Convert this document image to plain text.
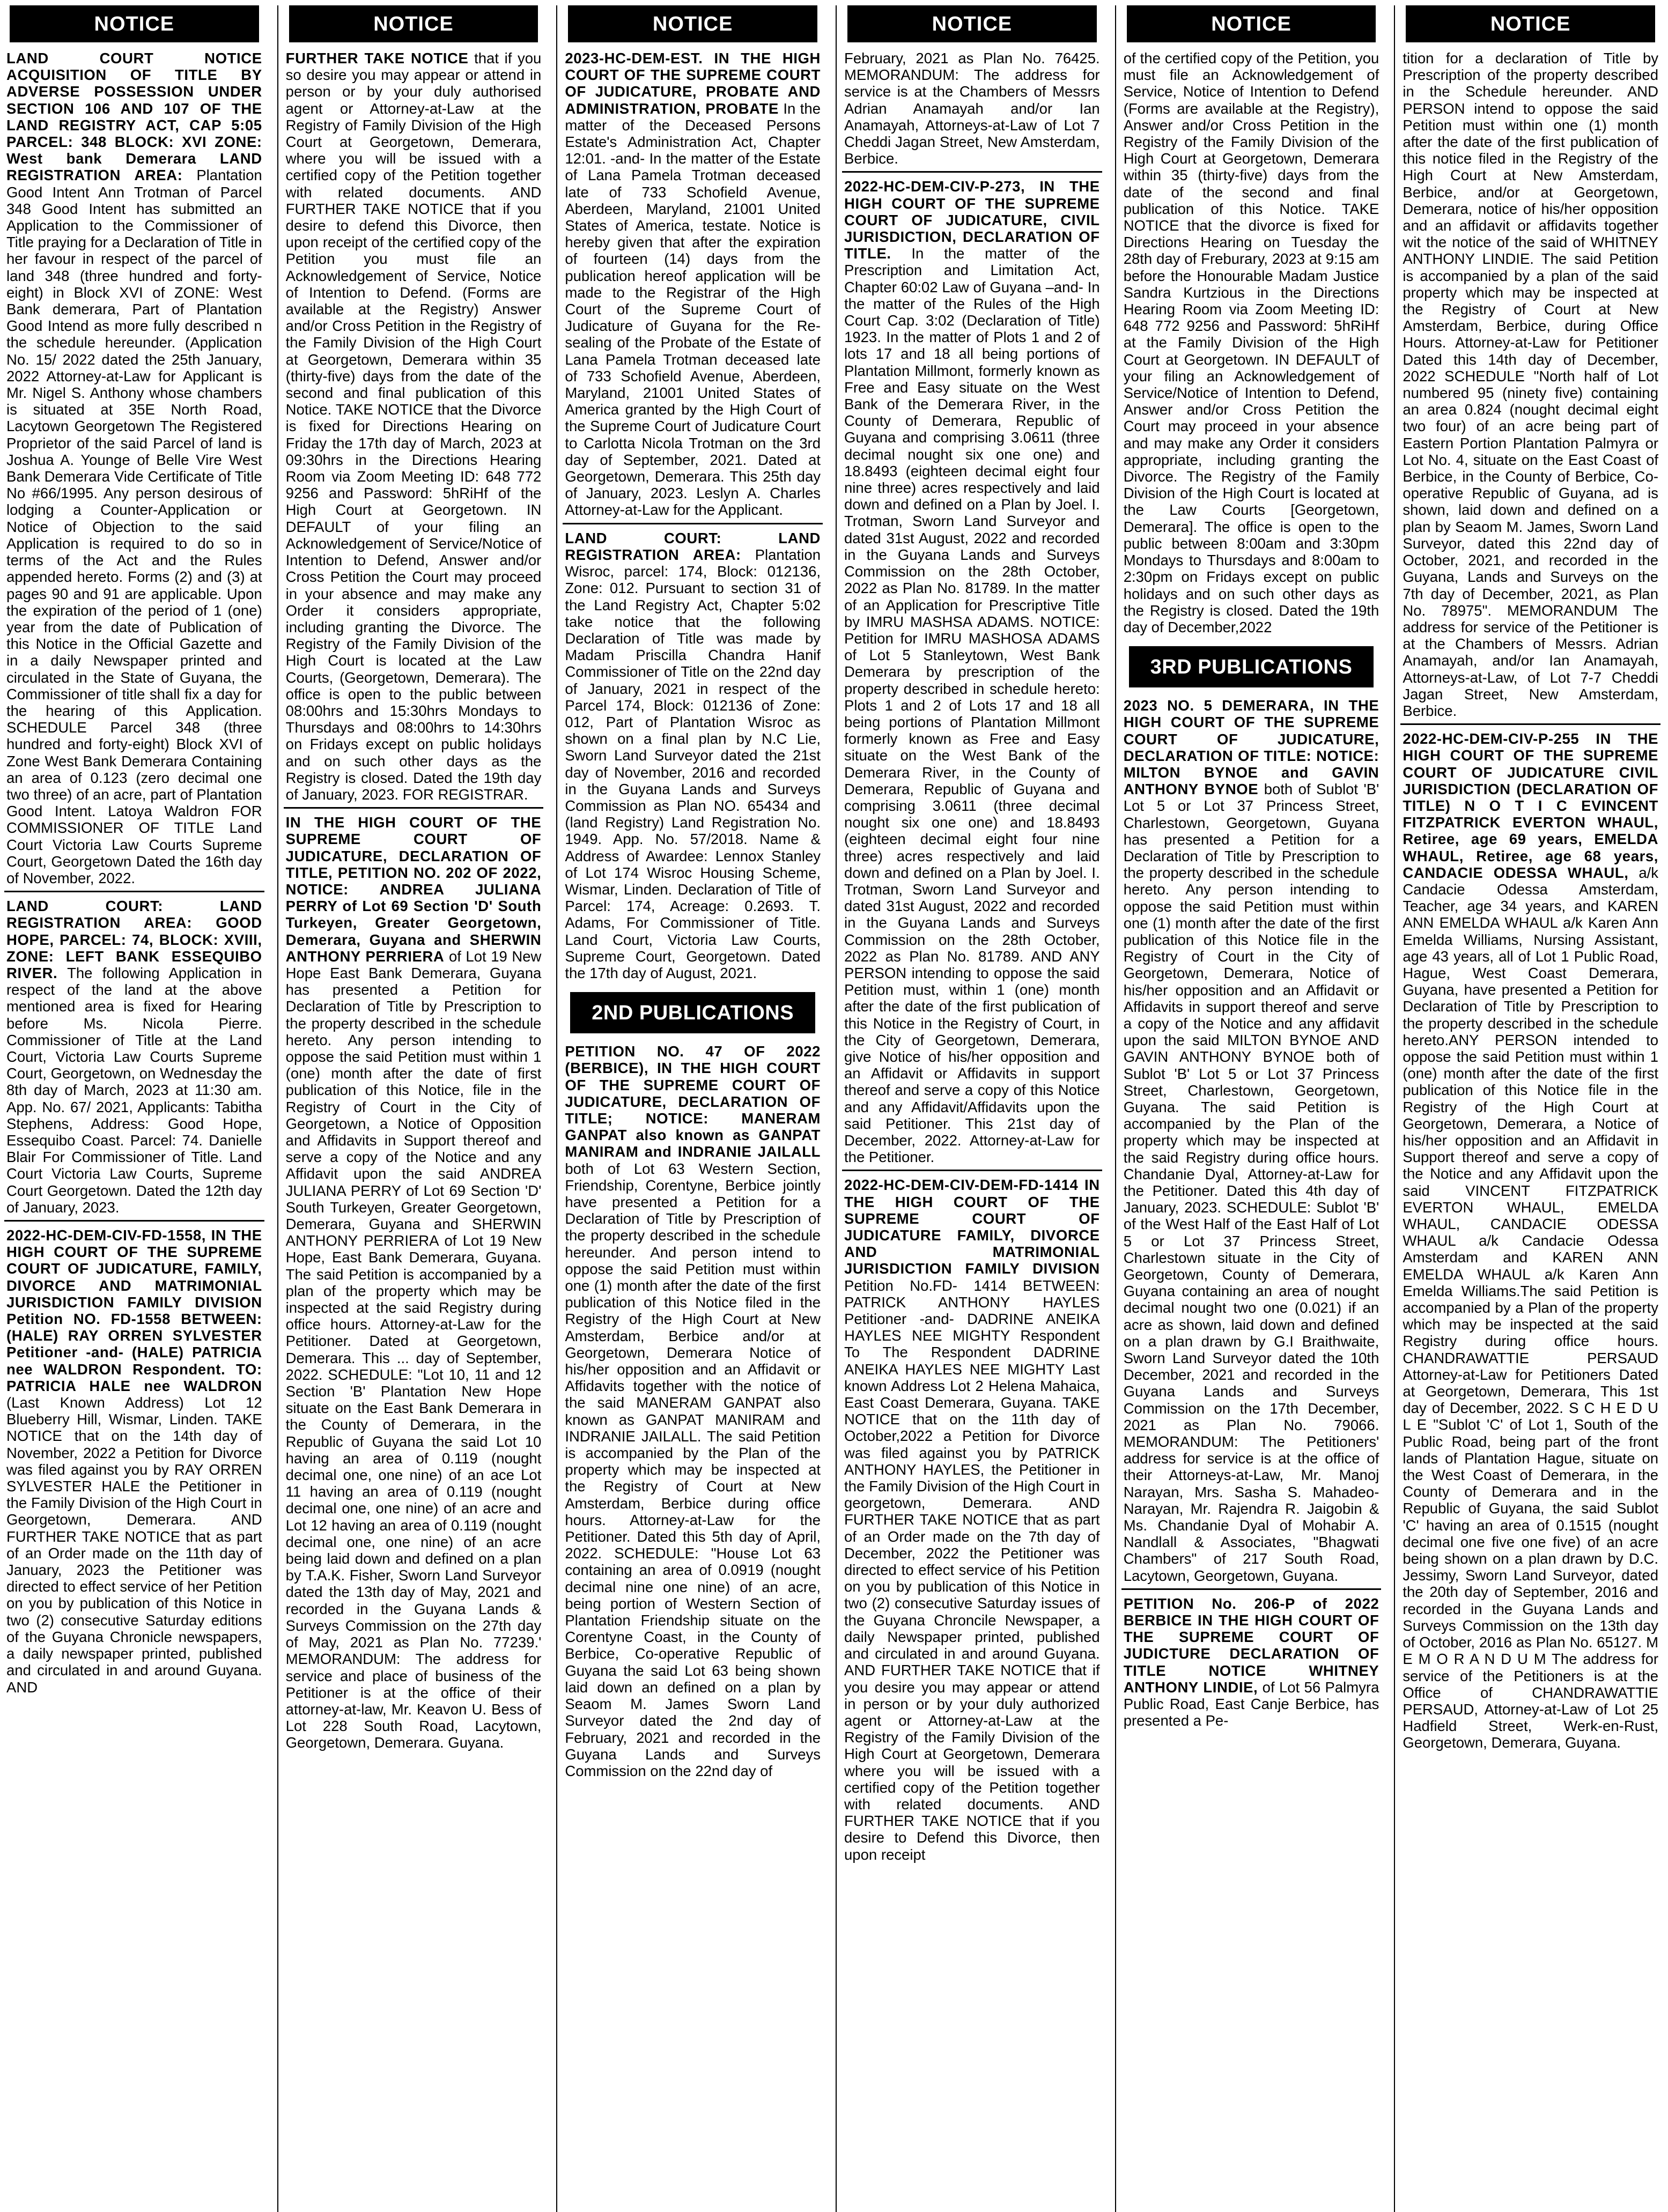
NOTICE
LAND COURT NOTICE ACQUISITION OF TITLE BY ADVERSE POSSESSION UNDER SECTION 106 AND 107 OF THE LAND REGISTRY ACT, CAP 5:05 PARCEL: 348 BLOCK: XVI ZONE: West bank Demerara LAND REGISTRATION AREA: Plantation Good Intent Ann Trotman of Parcel 348 Good Intent has submitted an Application to the Commissioner of Title praying for a Declaration of Title in her favour in respect of the parcel of land 348 (three hundred and forty-eight) in Block XVI of ZONE: West Bank demerara, Part of Plantation Good Intend as more fully described n the schedule hereunder. (Application No. 15/ 2022 dated the 25th January, 2022 Attorney-at-Law for Applicant is Mr. Nigel S. Anthony whose chambers is situated at 35E North Road, Lacytown Georgetown The Registered Proprietor of the said Parcel of land is Joshua A. Younge of Belle Vire West Bank Demerara Vide Certificate of Title No #66/1995. Any person desirous of lodging a Counter-Application or Notice of Objection to the said Application is required to do so in terms of the Act and the Rules appended hereto. Forms (2) and (3) at pages 90 and 91 are applicable. Upon the expiration of the period of 1 (one) year from the date of Publication of this Notice in the Official Gazette and in a daily Newspaper printed and circulated in the State of Guyana, the Commissioner of title shall fix a day for the hearing of this Application. SCHEDULE Parcel 348 (three hundred and forty-eight) Block XVI of Zone West Bank Demerara Containing an area of 0.123 (zero decimal one two three) of an acre, part of Plantation Good Intent. Latoya Waldron FOR COMMISSIONER OF TITLE Land Court Victoria Law Courts Supreme Court, Georgetown Dated the 16th day of November, 2022.
LAND COURT: LAND REGISTRATION AREA: GOOD HOPE, PARCEL: 74, BLOCK: XVIII, ZONE: LEFT BANK ESSEQUIBO RIVER. The following Application in respect of the land at the above mentioned area is fixed for Hearing before Ms. Nicola Pierre. Commissioner of Title at the Land Court, Victoria Law Courts Supreme Court, Georgetown, on Wednesday the 8th day of March, 2023 at 11:30 am. App. No. 67/ 2021, Applicants: Tabitha Stephens, Address: Good Hope, Essequibo Coast. Parcel: 74. Danielle Blair For Commissioner of Title. Land Court Victoria Law Courts, Supreme Court Georgetown. Dated the 12th day of January, 2023.
2022-HC-DEM-CIV-FD-1558, IN THE HIGH COURT OF THE SUPREME COURT OF JUDICATURE, FAMILY, DIVORCE AND MATRIMONIAL JURISDICTION FAMILY DIVISION Petition NO. FD-1558 BETWEEN: (HALE) RAY ORREN SYLVESTER Petitioner -and- (HALE) PATRICIA nee WALDRON Respondent. TO: PATRICIA HALE nee WALDRON (Last Known Address) Lot 12 Blueberry Hill, Wismar, Linden. TAKE NOTICE that on the 14th day of November, 2022 a Petition for Divorce was filed against you by RAY ORREN SYLVESTER HALE the Petitioner in the Family Division of the High Court in Georgetown, Demerara. AND FURTHER TAKE NOTICE that as part of an Order made on the 11th day of January, 2023 the Petitioner was directed to effect service of her Petition on you by publication of this Notice in two (2) consecutive Saturday editions of the Guyana Chronicle newspapers, a daily newspaper printed, published and circulated in and around Guyana. AND
NOTICE
FURTHER TAKE NOTICE that if you so desire you may appear or attend in person or by your duly authorised agent or Attorney-at-Law at the Registry of Family Division of the High Court at Georgetown, Demerara, where you will be issued with a certified copy of the Petition together with related documents. AND FURTHER TAKE NOTICE that if you desire to defend this Divorce, then upon receipt of the certified copy of the Petition you must file an Acknowledgement of Service, Notice of Intention to Defend. (Forms are available at the Registry) Answer and/or Cross Petition in the Registry of the Family Division of the High Court at Georgetown, Demerara within 35 (thirty-five) days from the date of the second and final publication of this Notice. TAKE NOTICE that the Divorce is fixed for Directions Hearing on Friday the 17th day of March, 2023 at 09:30hrs in the Directions Hearing Room via Zoom Meeting ID: 648 772 9256 and Password: 5hRiHf of the High Court at Georgetown. IN DEFAULT of your filing an Acknowledgement of Service/Notice of Intention to Defend, Answer and/or Cross Petition the Court may proceed in your absence and may make any Order it considers appropriate, including granting the Divorce. The Registry of the Family Division of the High Court is located at the Law Courts, (Georgetown, Demerara). The office is open to the public between 08:00hrs and 15:30hrs Mondays to Thursdays and 08:00hrs to 14:30hrs on Fridays except on public holidays and on such other days as the Registry is closed. Dated the 19th day of January, 2023. FOR REGISTRAR.
IN THE HIGH COURT OF THE SUPREME COURT OF JUDICATURE, DECLARATION OF TITLE, PETITION NO. 202 OF 2022, NOTICE: ANDREA JULIANA PERRY of Lot 69 Section 'D' South Turkeyen, Greater Georgetown, Demerara, Guyana and SHERWIN ANTHONY PERRIERA of Lot 19 New Hope East Bank Demerara, Guyana has presented a Petition for Declaration of Title by Prescription to the property described in the schedule hereto. Any person intending to oppose the said Petition must within 1 (one) month after the date of first publication of this Notice, file in the Registry of Court in the City of Georgetown, a Notice of Opposition and Affidavits in Support thereof and serve a copy of the Notice and any Affidavit upon the said ANDREA JULIANA PERRY of Lot 69 Section 'D' South Turkeyen, Greater Georgetown, Demerara, Guyana and SHERWIN ANTHONY PERRIERA of Lot 19 New Hope, East Bank Demerara, Guyana. The said Petition is accompanied by a plan of the property which may be inspected at the said Registry during office hours. Attorney-at-Law for the Petitioner. Dated at Georgetown, Demerara. This ... day of September, 2022. SCHEDULE: "Lot 10, 11 and 12 Section 'B' Plantation New Hope situate on the East Bank Demerara in the County of Demerara, in the Republic of Guyana the said Lot 10 having an area of 0.119 (nought decimal one, one nine) of an ace Lot 11 having an area of 0.119 (nought decimal one, one nine) of an acre and Lot 12 having an area of 0.119 (nought decimal one, one nine) of an acre being laid down and defined on a plan by T.A.K. Fisher, Sworn Land Surveyor dated the 13th day of May, 2021 and recorded in the Guyana Lands & Surveys Commission on the 27th day of May, 2021 as Plan No. 77239.' MEMORANDUM: The address for service and place of business of the Petitioner is at the office of their attorney-at-law, Mr. Keavon U. Bess of Lot 228 South Road, Lacytown, Georgetown, Demerara. Guyana.
NOTICE
2023-HC-DEM-EST. IN THE HIGH COURT OF THE SUPREME COURT OF JUDICATURE, PROBATE AND ADMINISTRATION, PROBATE In the matter of the Deceased Persons Estate's Administration Act, Chapter 12:01. -and- In the matter of the Estate of Lana Pamela Trotman deceased late of 733 Schofield Avenue, Aberdeen, Maryland, 21001 United States of America, testate. Notice is hereby given that after the expiration of fourteen (14) days from the publication hereof application will be made to the Registrar of the High Court of the Supreme Court of Judicature of Guyana for the Re-sealing of the Probate of the Estate of Lana Pamela Trotman deceased late of 733 Schofield Avenue, Aberdeen, Maryland, 21001 United States of America granted by the High Court of the Supreme Court of Judicature Court to Carlotta Nicola Trotman on the 3rd day of September, 2021. Dated at Georgetown, Demerara. This 25th day of January, 2023. Leslyn A. Charles Attorney-at-Law for the Applicant.
LAND COURT: LAND REGISTRATION AREA: Plantation Wisroc, parcel: 174, Block: 012136, Zone: 012. Pursuant to section 31 of the Land Registry Act, Chapter 5:02 take notice that the following Declaration of Title was made by Madam Priscilla Chandra Hanif Commissioner of Title on the 22nd day of January, 2021 in respect of the Parcel 174, Block: 012136 of Zone: 012, Part of Plantation Wisroc as shown on a final plan by N.C Lie, Sworn Land Surveyor dated the 21st day of November, 2016 and recorded in the Guyana Lands and Surveys Commission as Plan NO. 65434 and (land Registry) Land Registration No. 1949. App. No. 57/2018. Name & Address of Awardee: Lennox Stanley of Lot 174 Wisroc Housing Scheme, Wismar, Linden. Declaration of Title of Parcel: 174, Acreage: 0.2693. T. Adams, For Commissioner of Title. Land Court, Victoria Law Courts, Supreme Court, Georgetown. Dated the 17th day of August, 2021.
2ND PUBLICATIONS
PETITION NO. 47 OF 2022 (BERBICE), IN THE HIGH COURT OF THE SUPREME COURT OF JUDICATURE, DECLARATION OF TITLE; NOTICE: MANERAM GANPAT also known as GANPAT MANIRAM and INDRANIE JAILALL both of Lot 63 Western Section, Friendship, Corentyne, Berbice jointly have presented a Petition for a Declaration of Title by Prescription of the property described in the schedule hereunder. And person intend to oppose the said Petition must within one (1) month after the date of the first publication of this Notice filed in the Registry of the High Court at New Amsterdam, Berbice and/or at Georgetown, Demerara Notice of his/her opposition and an Affidavit or Affidavits together with the notice of the said MANERAM GANPAT also known as GANPAT MANIRAM and INDRANIE JAILALL. The said Petition is accompanied by the Plan of the property which may be inspected at the Registry of Court at New Amsterdam, Berbice during office hours. Attorney-at-Law for the Petitioner. Dated this 5th day of April, 2022. SCHEDULE: "House Lot 63 containing an area of 0.0919 (nought decimal nine one nine) of an acre, being portion of Western Section of Plantation Friendship situate on the Corentyne Coast, in the County of Berbice, Co-operative Republic of Guyana the said Lot 63 being shown laid down an defined on a plan by Seaom M. James Sworn Land Surveyor dated the 2nd day of February, 2021 and recorded in the Guyana Lands and Surveys Commission on the 22nd day of
NOTICE
February, 2021 as Plan No. 76425. MEMORANDUM: The address for service is at the Chambers of Messrs Adrian Anamayah and/or Ian Anamayah, Attorneys-at-Law of Lot 7 Cheddi Jagan Street, New Amsterdam, Berbice.
2022-HC-DEM-CIV-P-273, IN THE HIGH COURT OF THE SUPREME COURT OF JUDICATURE, CIVIL JURISDICTION, DECLARATION OF TITLE. In the matter of the Prescription and Limitation Act, Chapter 60:02 Law of Guyana –and- In the matter of the Rules of the High Court Cap. 3:02 (Declaration of Title) 1923. In the matter of Plots 1 and 2 of lots 17 and 18 all being portions of Plantation Millmont, formerly known as Free and Easy situate on the West Bank of the Demerara River, in the County of Demerara, Republic of Guyana and comprising 3.0611 (three decimal nought six one one) and 18.8493 (eighteen decimal eight four nine three) acres respectively and laid down and defined on a Plan by Joel. I. Trotman, Sworn Land Surveyor and dated 31st August, 2022 and recorded in the Guyana Lands and Surveys Commission on the 28th October, 2022 as Plan No. 81789. In the matter of an Application for Prescriptive Title by IMRU MASHSA ADAMS. NOTICE: Petition for IMRU MASHOSA ADAMS of Lot 5 Stanleytown, West Bank Demerara by prescription of the property described in schedule hereto: Plots 1 and 2 of Lots 17 and 18 all being portions of Plantation Millmont formerly known as Free and Easy situate on the West Bank of the Demerara River, in the County of Demerara, Republic of Guyana and comprising 3.0611 (three decimal nought six one one) and 18.8493 (eighteen decimal eight four nine three) acres respectively and laid down and defined on a Plan by Joel. I. Trotman, Sworn Land Surveyor and dated 31st August, 2022 and recorded in the Guyana Lands and Surveys Commission on the 28th October, 2022 as Plan No. 81789. AND ANY PERSON intending to oppose the said Petition must, within 1 (one) month after the date of the first publication of this Notice in the Registry of Court, in the City of Georgetown, Demerara, give Notice of his/her opposition and an Affidavit or Affidavits in support thereof and serve a copy of this Notice and any Affidavit/Affidavits upon the said Petitioner. This 21st day of December, 2022. Attorney-at-Law for the Petitioner.
2022-HC-DEM-CIV-DEM-FD-1414 IN THE HIGH COURT OF THE SUPREME COURT OF JUDICATURE FAMILY, DIVORCE AND MATRIMONIAL JURISDICTION FAMILY DIVISION Petition No.FD- 1414 BETWEEN: PATRICK ANTHONY HAYLES Petitioner -and- DADRINE ANEIKA HAYLES NEE MIGHTY Respondent To The Respondent DADRINE ANEIKA HAYLES NEE MIGHTY Last known Address Lot 2 Helena Mahaica, East Coast Demerara, Guyana. TAKE NOTICE that on the 11th day of October,2022 a Petition for Divorce was filed against you by PATRICK ANTHONY HAYLES, the Petitioner in the Family Division of the High Court in georgetown, Demerara. AND FURTHER TAKE NOTICE that as part of an Order made on the 7th day of December, 2022 the Petitioner was directed to effect service of his Petition on you by publication of this Notice in two (2) consecutive Saturday issues of the Guyana Chroncile Newspaper, a daily Newspaper printed, published and circulated in and around Guyana. AND FURTHER TAKE NOTICE that if you desire you may appear or attend in person or by your duly authorized agent or Attorney-at-Law at the Registry of the Family Division of the High Court at Georgetown, Demerara where you will be issued with a certified copy of the Petition together with related documents. AND FURTHER TAKE NOTICE that if you desire to Defend this Divorce, then upon receipt
NOTICE
of the certified copy of the Petition, you must file an Acknowledgement of Service, Notice of Intention to Defend (Forms are available at the Registry), Answer and/or Cross Petition in the Registry of the Family Division of the High Court at Georgetown, Demerara within 35 (thirty-five) days from the date of the second and final publication of this Notice. TAKE NOTICE that the divorce is fixed for Directions Hearing on Tuesday the 28th day of Freburary, 2023 at 9:15 am before the Honourable Madam Justice Sandra Kurtzious in the Directions Hearing Room via Zoom Meeting ID: 648 772 9256 and Password: 5hRiHf at the Family Division of the High Court at Georgetown. IN DEFAULT of your filing an Acknowledgement of Service/Notice of Intention to Defend, Answer and/or Cross Petition the Court may proceed in your absence and may make any Order it considers appropriate, including granting the Divorce. The Registry of the Family Division of the High Court is located at the Law Courts [Georgetown, Demerara]. The office is open to the public between 8:00am and 3:30pm Mondays to Thursdays and 8:00am to 2:30pm on Fridays except on public holidays and on such other days as the Registry is closed. Dated the 19th day of December,2022
3RD PUBLICATIONS
2023 NO. 5 DEMERARA, IN THE HIGH COURT OF THE SUPREME COURT OF JUDICATURE, DECLARATION OF TITLE: NOTICE: MILTON BYNOE and GAVIN ANTHONY BYNOE both of Sublot 'B' Lot 5 or Lot 37 Princess Street, Charlestown, Georgetown, Guyana has presented a Petition for a Declaration of Title by Prescription to the property described in the schedule hereto. Any person intending to oppose the said Petition must within one (1) month after the date of the first publication of this Notice file in the Registry of Court in the City of Georgetown, Demerara, Notice of his/her opposition and an Affidavit or Affidavits in support thereof and serve a copy of the Notice and any affidavit upon the said MILTON BYNOE AND GAVIN ANTHONY BYNOE both of Sublot 'B' Lot 5 or Lot 37 Princess Street, Charlestown, Georgetown, Guyana. The said Petition is accompanied by the Plan of the property which may be inspected at the said Registry during office hours. Chandanie Dyal, Attorney-at-Law for the Petitioner. Dated this 4th day of January, 2023. SCHEDULE: Sublot 'B' of the West Half of the East Half of Lot 5 or Lot 37 Princess Street, Charlestown situate in the City of Georgetown, County of Demerara, Guyana containing an area of nought decimal nought two one (0.021) if an acre as shown, laid down and defined on a plan drawn by G.I Braithwaite, Sworn Land Surveyor dated the 10th December, 2021 and recorded in the Guyana Lands and Surveys Commission on the 17th December, 2021 as Plan No. 79066. MEMORANDUM: The Petitioners' address for service is at the office of their Attorneys-at-Law, Mr. Manoj Narayan, Mrs. Sasha S. Mahadeo-Narayan, Mr. Rajendra R. Jaigobin & Ms. Chandanie Dyal of Mohabir A. Nandlall & Associates, "Bhagwati Chambers" of 217 South Road, Lacytown, Georgetown, Guyana.
PETITION No. 206-P of 2022 BERBICE IN THE HIGH COURT OF THE SUPREME COURT OF JUDICTURE DECLARATION OF TITLE NOTICE WHITNEY ANTHONY LINDIE, of Lot 56 Palmyra Public Road, East Canje Berbice, has presented a Pe-
NOTICE
tition for a declaration of Title by Prescription of the property described in the Schedule hereunder. AND PERSON intend to oppose the said Petition must within one (1) month after the date of the first publication of this notice filed in the Registry of the High Court at New Amsterdam, Berbice, and/or at Georgetown, Demerara, notice of his/her opposition and an affidavit or affidavits together wit the notice of the said of WHITNEY ANTHONY LINDIE. The said Petition is accompanied by a plan of the said property which may be inspected at the Registry of Court at New Amsterdam, Berbice, during Office Hours. Attorney-at-Law for Petitioner Dated this 14th day of December, 2022 SCHEDULE "North half of Lot numbered 95 (ninety five) containing an area 0.824 (nought decimal eight two four) of an acre being part of Eastern Portion Plantation Palmyra or Lot No. 4, situate on the East Coast of Berbice, in the County of Berbice, Co-operative Republic of Guyana, ad is shown, laid down and defined on a plan by Seaom M. James, Sworn Land Surveyor, dated this 22nd day of October, 2021, and recorded in the Guyana, Lands and Surveys on the 7th day of December, 2021, as Plan No. 78975". MEMORANDUM The address for service of the Petitioner is at the Chambers of Messrs. Adrian Anamayah, and/or Ian Anamayah, Attorneys-at-Law, of Lot 7-7 Cheddi Jagan Street, New Amsterdam, Berbice.
2022-HC-DEM-CIV-P-255 IN THE HIGH COURT OF THE SUPREME COURT OF JUDICATURE CIVIL JURISDICTION (DECLARATION OF TITLE) N O T I C EVINCENT FITZPATRICK EVERTON WHAUL, Retiree, age 69 years, EMELDA WHAUL, Retiree, age 68 years, CANDACIE ODESSA WHAUL, a/k Candacie Odessa Amsterdam, Teacher, age 34 years, and KAREN ANN EMELDA WHAUL a/k Karen Ann Emelda Williams, Nursing Assistant, age 43 years, all of Lot 1 Public Road, Hague, West Coast Demerara, Guyana, have presented a Petition for Declaration of Title by Prescription to the property described in the schedule hereto.ANY PERSON intended to oppose the said Petition must within 1 (one) month after the date of the first publication of this Notice file in the Registry of the High Court at Georgetown, Demerara, a Notice of his/her opposition and an Affidavit in Support thereof and serve a copy of the Notice and any Affidavit upon the said VINCENT FITZPATRICK EVERTON WHAUL, EMELDA WHAUL, CANDACIE ODESSA WHAUL a/k Candacie Odessa Amsterdam and KAREN ANN EMELDA WHAUL a/k Karen Ann Emelda Williams.The said Petition is accompanied by a Plan of the property which may be inspected at the said Registry during office hours. CHANDRAWATTIE PERSAUD Attorney-at-Law for Petitioners Dated at Georgetown, Demerara, This 1st day of December, 2022. S C H E D U L E "Sublot 'C' of Lot 1, South of the Public Road, being part of the front lands of Plantation Hague, situate on the West Coast of Demerara, in the County of Demerara and in the Republic of Guyana, the said Sublot 'C' having an area of 0.1515 (nought decimal one five one five) of an acre being shown on a plan drawn by D.C. Jessimy, Sworn Land Surveyor, dated the 20th day of September, 2016 and recorded in the Guyana Lands and Surveys Commission on the 13th day of October, 2016 as Plan No. 65127. M E M O R A N D U M The address for service of the Petitioners is at the Office of CHANDRAWATTIE PERSAUD, Attorney-at-Law of Lot 25 Hadfield Street, Werk-en-Rust, Georgetown, Demerara, Guyana.
